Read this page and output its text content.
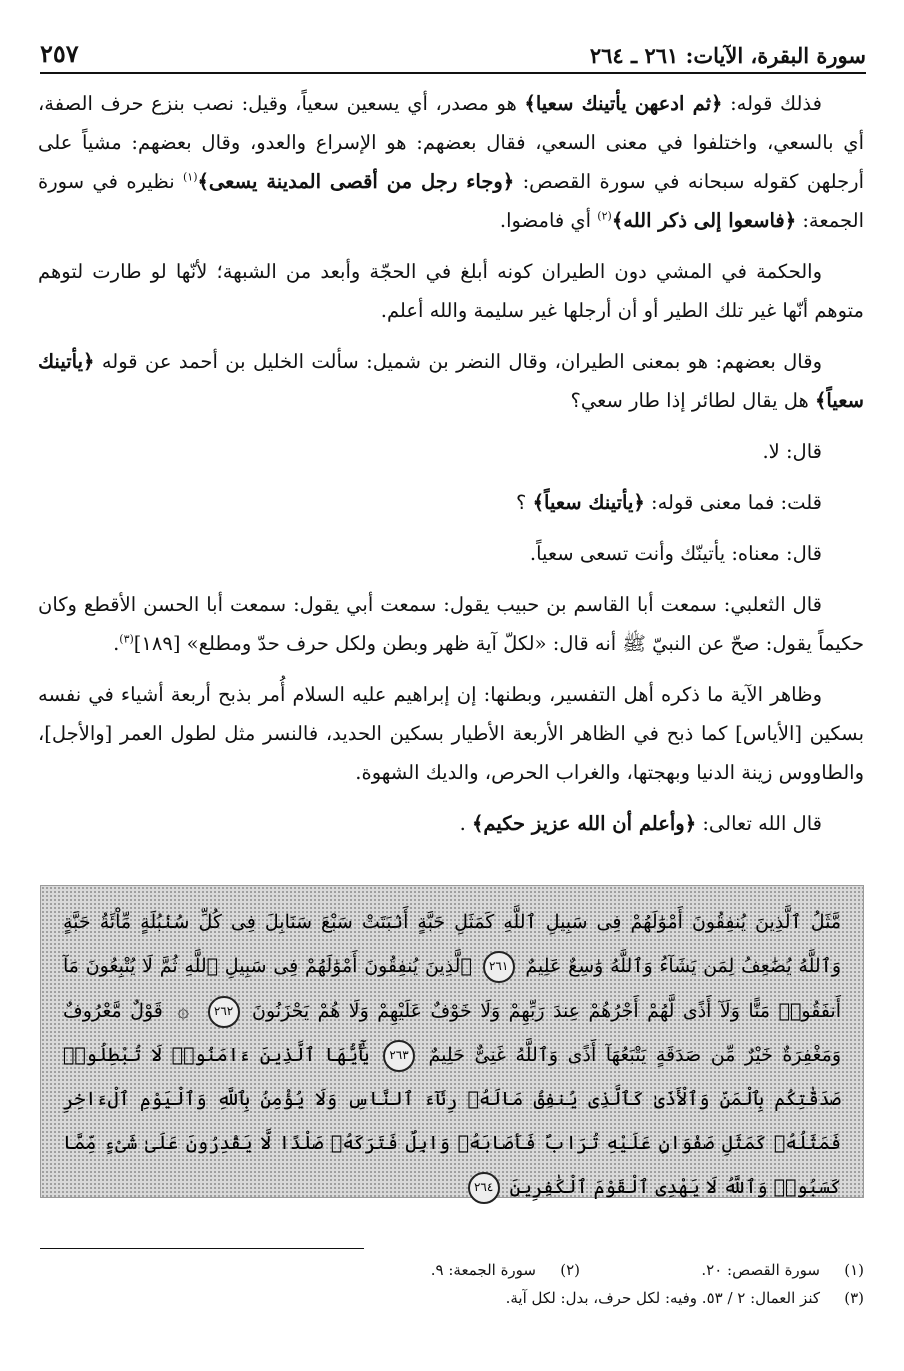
سورة البقرة، الآيات: ٢٦١ ـ ٢٦٤
٢٥٧

فذلك قوله: ﴿ثم ادعهن يأتينك سعيا﴾ هو مصدر، أي يسعين سعياً، وقيل: نصب بنزع حرف الصفة، أي بالسعي، واختلفوا في معنى السعي، فقال بعضهم: هو الإسراع والعدو، وقال بعضهم: مشياً على أرجلهن كقوله سبحانه في سورة القصص: ﴿وجاء رجل من أقصى المدينة يسعى﴾$^{(١)}$ نظيره في سورة الجمعة: ﴿فاسعوا إلى ذكر الله﴾$^{(٢)}$ أي فامضوا.

والحكمة في المشي دون الطيران كونه أبلغ في الحجّة وأبعد من الشبهة؛ لأنّها لو طارت لتوهم متوهم أنّها غير تلك الطير أو أن أرجلها غير سليمة والله أعلم.

وقال بعضهم: هو بمعنى الطيران، وقال النضر بن شميل: سألت الخليل بن أحمد عن قوله ﴿يأتينك سعياً﴾ هل يقال لطائر إذا طار سعي؟

قال: لا.

قلت: فما معنى قوله: ﴿يأتينك سعياً﴾ ؟

قال: معناه: يأتينّك وأنت تسعى سعياً.

قال الثعلبي: سمعت أبا القاسم بن حبيب يقول: سمعت أبي يقول: سمعت أبا الحسن الأقطع وكان حكيماً يقول: صحّ عن النبيّ ﷺ أنه قال: «لكلّ آية ظهر وبطن ولكل حرف حدّ ومطلع» [١٨٩]$^{(٣)}$.

وظاهر الآية ما ذكره أهل التفسير، وبطنها: إن إبراهيم عليه السلام أُمر بذبح أربعة أشياء في نفسه بسكين [الأياس] كما ذبح في الظاهر الأربعة الأطيار بسكين الحديد، فالنسر مثل لطول العمر [والأجل]، والطاووس زينة الدنيا وبهجتها، والغراب الحرص، والديك الشهوة.

قال الله تعالى: ﴿وأعلم أن الله عزيز حكيم﴾ .

مَّثَلُ ٱلَّذِينَ يُنفِقُونَ أَمْوَٰلَهُمْ فِى سَبِيلِ ٱللَّهِ كَمَثَلِ حَبَّةٍ أَنۢبَتَتْ سَبْعَ سَنَابِلَ فِى كُلِّ سُنۢبُلَةٍ مِّاْئَةُ حَبَّةٍ وَٱللَّهُ يُضَٰعِفُ لِمَن يَشَآءُ وَٱللَّهُ وَٰسِعٌ عَلِيمٌ ٢٦١ ٱلَّذِينَ يُنفِقُونَ أَمْوَٰلَهُمْ فِى سَبِيلِ ٱللَّهِ ثُمَّ لَا يُتْبِعُونَ مَآ أَنفَقُوا۟ مَنًّا وَلَآ أَذًى لَّهُمْ أَجْرُهُمْ عِندَ رَبِّهِمْ وَلَا خَوْفٌ عَلَيْهِمْ وَلَا هُمْ يَحْزَنُونَ ٢٦٢ ۞ قَوْلٌ مَّعْرُوفٌ وَمَغْفِرَةٌ خَيْرٌ مِّن صَدَقَةٍ يَتْبَعُهَآ أَذًى وَٱللَّهُ غَنِىٌّ حَلِيمٌ ٢٦٣ يَٰٓأَيُّهَا ٱلَّذِينَ ءَامَنُوا۟ لَا تُبْطِلُوا۟ صَدَقَٰتِكُم بِٱلْمَنِّ وَٱلْأَذَىٰ كَٱلَّذِى يُنفِقُ مَالَهُۥ رِئَآءَ ٱلنَّاسِ وَلَا يُؤْمِنُ بِٱللَّهِ وَٱلْيَوْمِ ٱلْءَاخِرِ فَمَثَلُهُۥ كَمَثَلِ صَفْوَانٍ عَلَيْهِ تُرَابٌ فَأَصَابَهُۥ وَابِلٌ فَتَرَكَهُۥ صَلْدًا لَّا يَقْدِرُونَ عَلَىٰ شَىْءٍ مِّمَّا كَسَبُوا۟ وَٱللَّهُ لَا يَهْدِى ٱلْقَوْمَ ٱلْكَٰفِرِينَ ٢٦٤
(١)
سورة القصص: ٢٠.
(٢)
سورة الجمعة: ٩.
(٣)
كنز العمال: ٢ / ٥٣. وفيه: لكل حرف، بدل: لكل آية.
